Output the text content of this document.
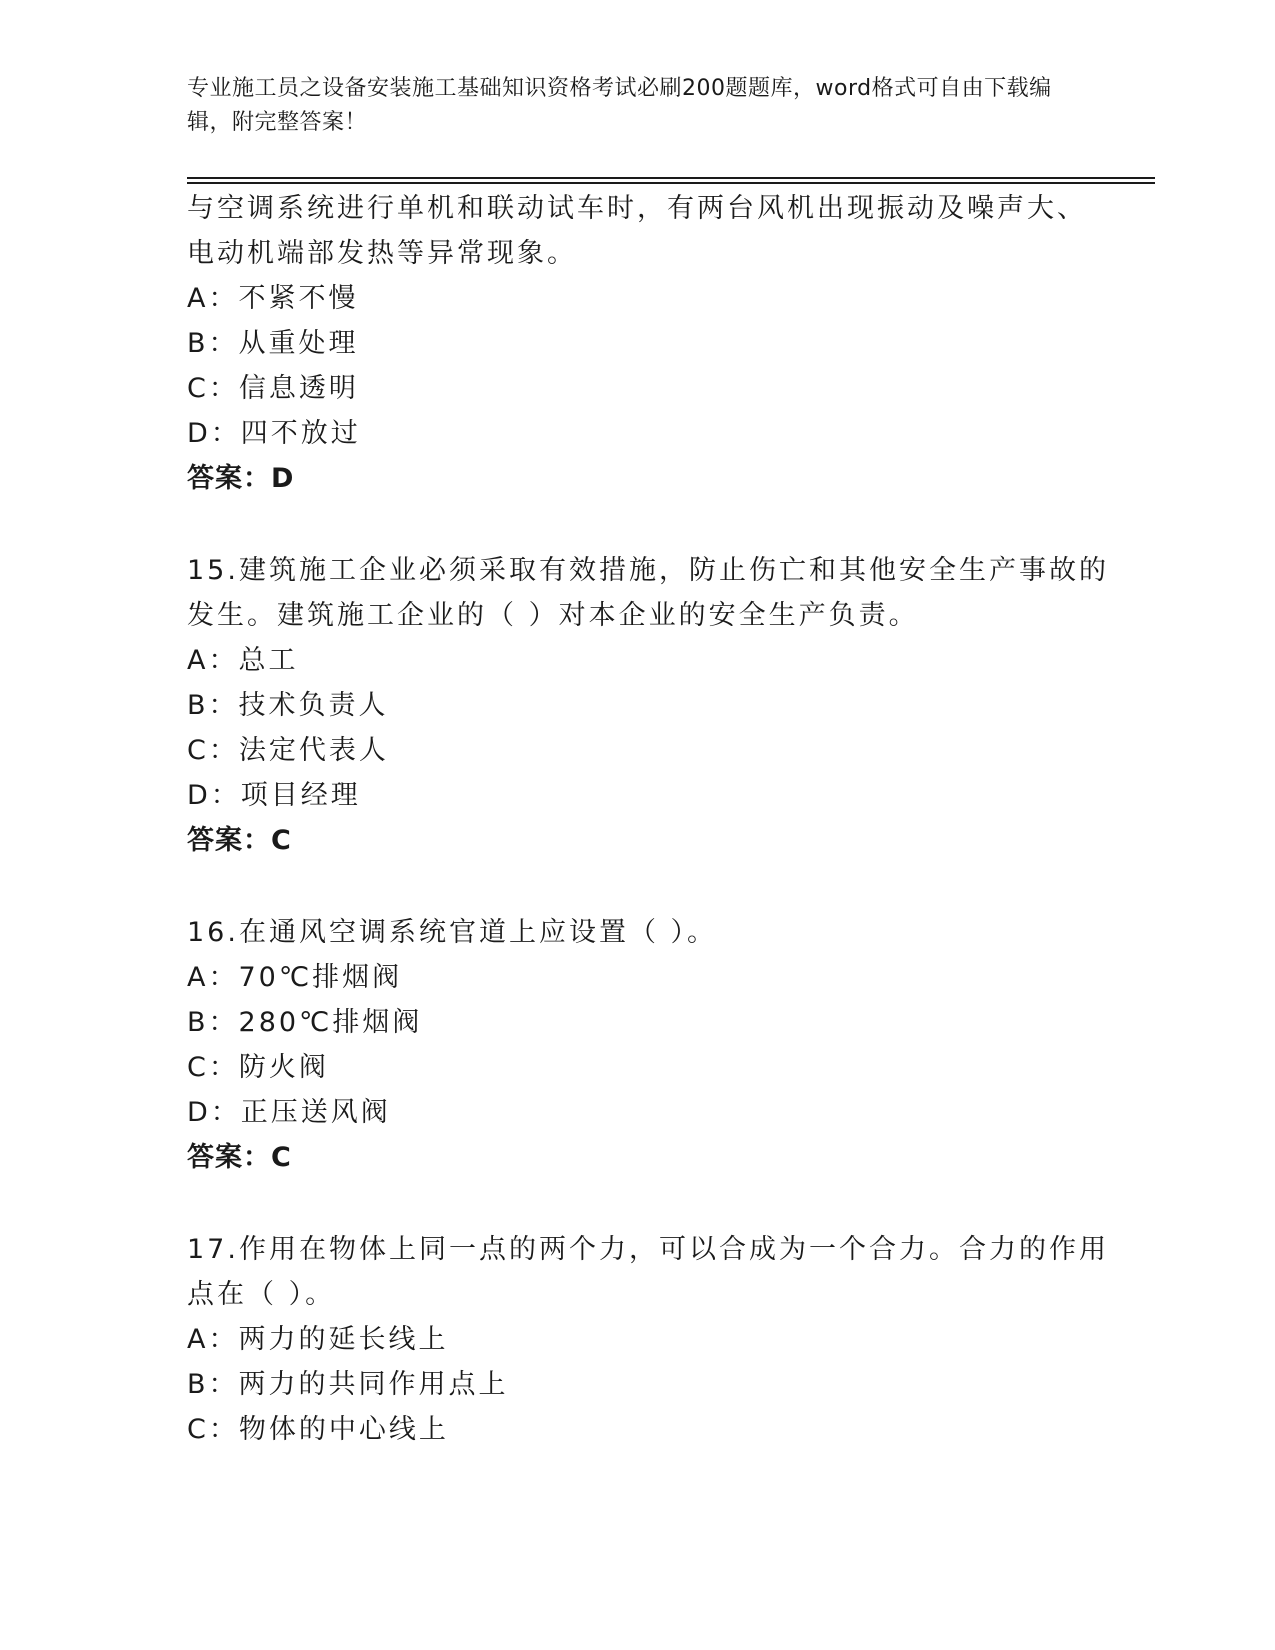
专业施工员之设备安装施工基础知识资格考试必刷200题题库，word格式可自由下载编辑，附完整答案！
与空调系统进行单机和联动试车时，有两台风机出现振动及噪声大、
电动机端部发热等异常现象。
A：不紧不慢
B：从重处理
C：信息透明
D：四不放过
答案：D
15.建筑施工企业必须采取有效措施，防止伤亡和其他安全生产事故的
发生。建筑施工企业的（ ）对本企业的安全生产负责。
A：总工
B：技术负责人
C：法定代表人
D：项目经理
答案：C
16.在通风空调系统官道上应设置（ ）。
A：70℃排烟阀
B：280℃排烟阀
C：防火阀
D：正压送风阀
答案：C
17.作用在物体上同一点的两个力，可以合成为一个合力。合力的作用
点在（ ）。
A：两力的延长线上
B：两力的共同作用点上
C：物体的中心线上
